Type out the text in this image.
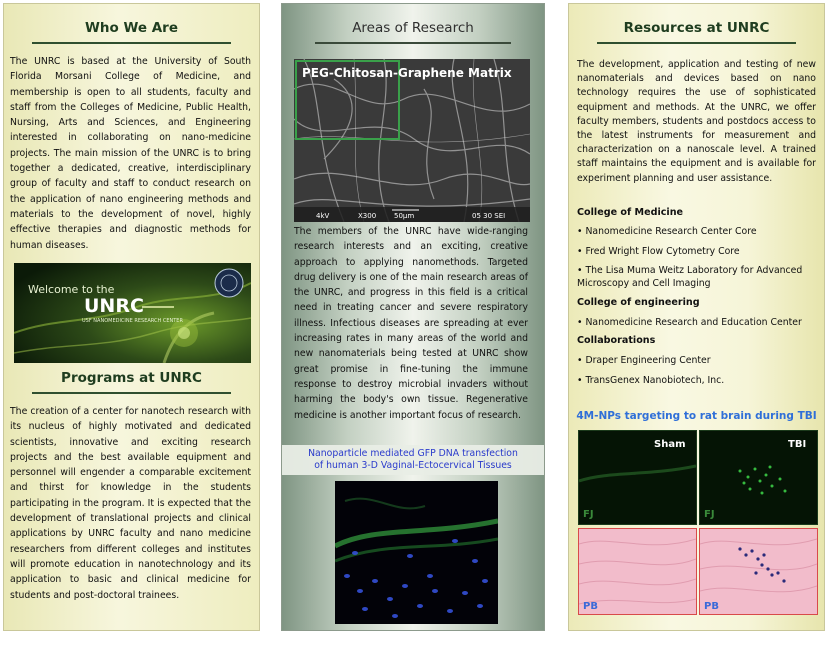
Who We Are
The UNRC is based at the University of South Florida Morsani College of Medicine, and membership is open to all students, faculty and staff from the Colleges of Medicine, Public Health, Nursing, Arts and Sciences, and Engineering interested in collaborating on nano-medicine projects. The main mission of the UNRC is to bring together a dedicated, creative, interdisciplinary group of faculty and staff to conduct research on the application of nano engineering methods and materials to the development of novel, highly effective therapies and diagnostic methods for human diseases.
Welcome to the
UNRC
USF NANOMEDICINE RESEARCH CENTER
Programs at UNRC
The creation of a center for nanotech research with its nucleus of highly motivated and dedicated scientists, innovative and exciting research projects and the best available equipment and personnel will engender a comparable excitement and thirst for knowledge in the students participating in the program. It is expected that the development of translational projects and clinical applications by UNRC faculty and nano medicine researchers from different colleges and institutes will promote education in nanotechnology and its application to basic and clinical medicine for students and post-doctoral trainees.
Areas of Research
PEG-Chitosan-Graphene Matrix
4kV	X300	50μm	05 30 SEI
The members of the UNRC have wide-ranging research interests and an exciting, creative approach to applying nanomethods. Targeted drug delivery is one of the main research areas of the UNRC, and progress in this field is a critical need in treating cancer and severe respiratory illness. Infectious diseases are spreading at ever increasing rates in many areas of the world and new nanomaterials being tested at UNRC show great promise in fine-tuning the immune response to destroy microbial invaders without harming the body's own tissue. Regenerative medicine is another important focus of research.
Nanoparticle mediated GFP DNA transfection
of human 3-D Vaginal-Ectocervical Tissues
Resources at UNRC
The development, application and testing of new nanomaterials and devices based on nano technology requires the use of sophisticated equipment and methods. At the UNRC, we offer faculty members, students and postdocs access to the latest instruments for measurement and characterization on a nanoscale level. A trained staff maintains the equipment and is available for experiment planning and user assistance.
College of Medicine
• Nanomedicine Research Center Core
• Fred Wright Flow Cytometry Core
• The Lisa Muma Weitz Laboratory for Advanced Microscopy and Cell Imaging
College of engineering
• Nanomedicine Research and Education Center
Collaborations
• Draper Engineering Center
• TransGenex Nanobiotech, Inc.
4M-NPs targeting to rat brain during TBI
Sham
FJ
TBI
FJ
PB	PB
